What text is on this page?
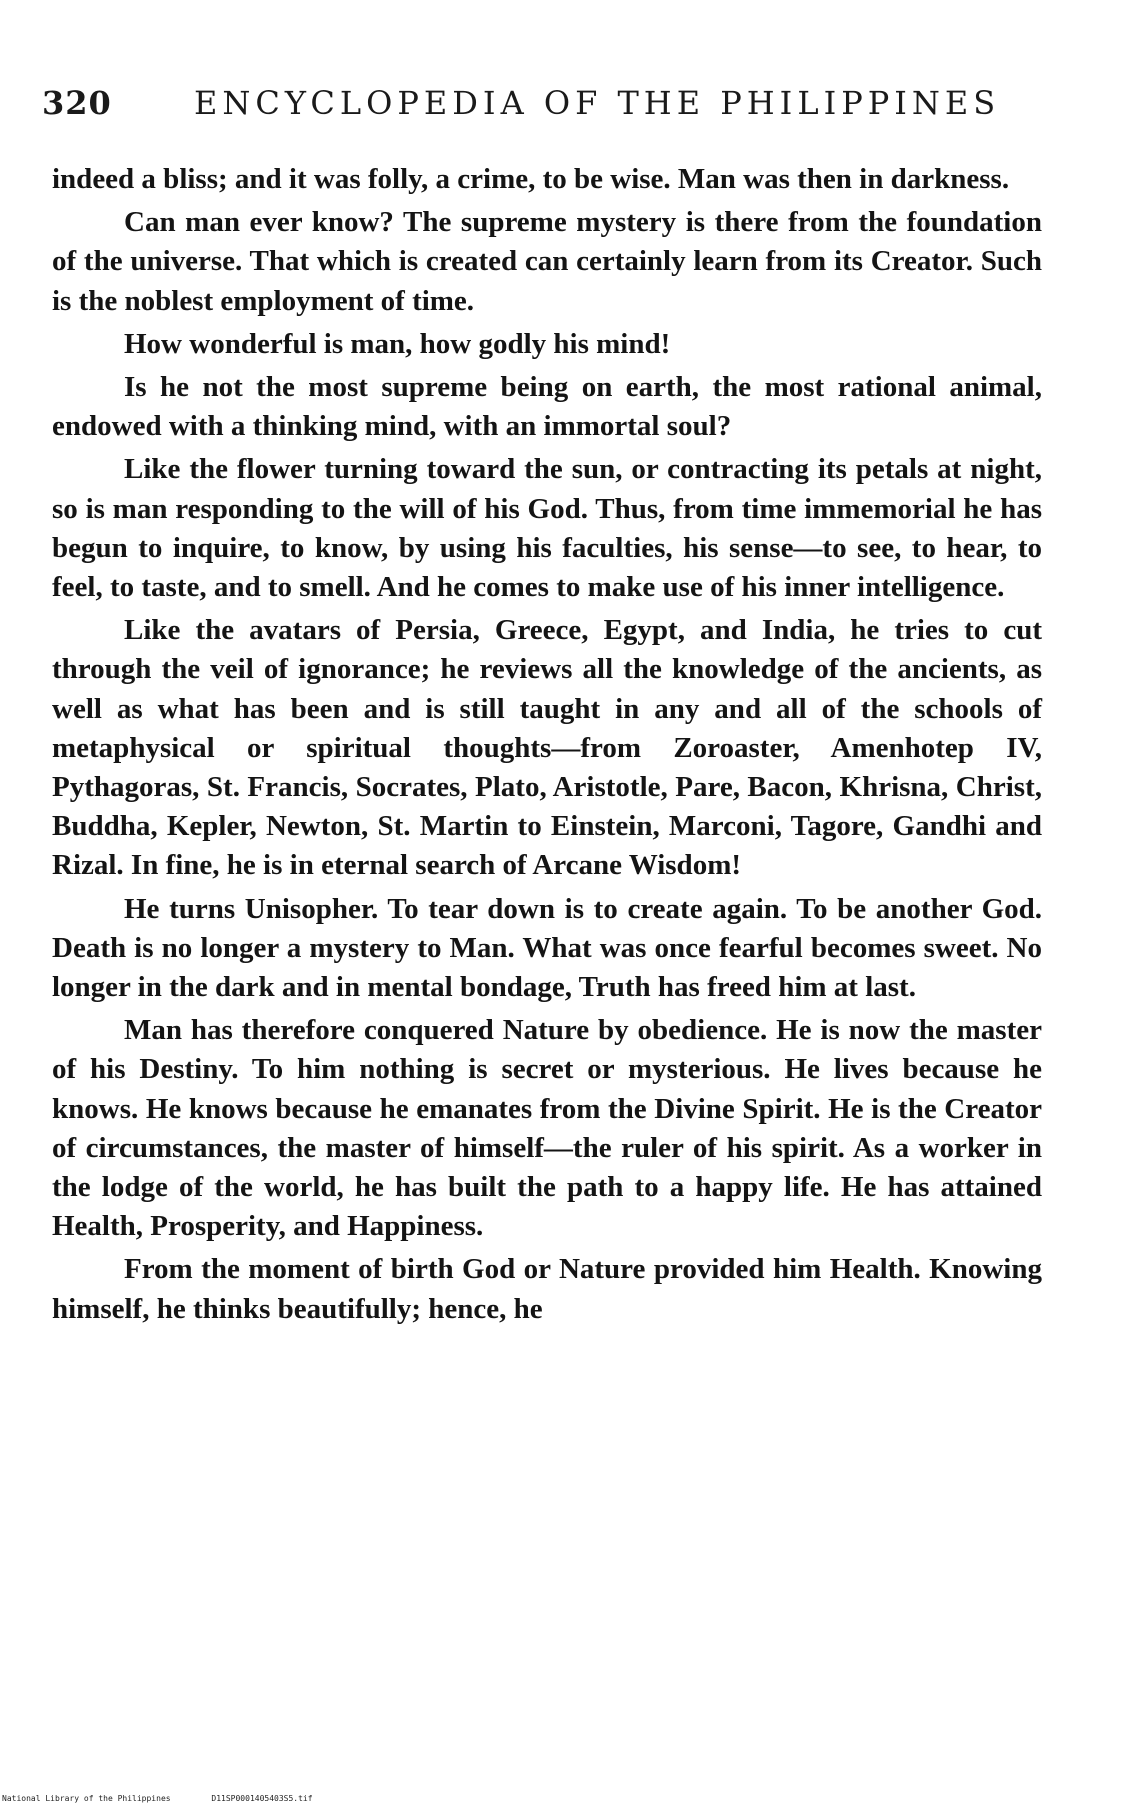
320	ENCYCLOPEDIA OF THE PHILIPPINES

indeed a bliss; and it was folly, a crime, to be wise. Man was then in darkness.

Can man ever know? The supreme mystery is there from the foundation of the universe. That which is created can certainly learn from its Creator. Such is the noblest employment of time.

How wonderful is man, how godly his mind!

Is he not the most supreme being on earth, the most rational animal, endowed with a thinking mind, with an immortal soul?

Like the flower turning toward the sun, or contracting its petals at night, so is man responding to the will of his God. Thus, from time immemorial he has begun to inquire, to know, by using his faculties, his sense—to see, to hear, to feel, to taste, and to smell. And he comes to make use of his inner intelligence.

Like the avatars of Persia, Greece, Egypt, and India, he tries to cut through the veil of ignorance; he reviews all the knowledge of the ancients, as well as what has been and is still taught in any and all of the schools of metaphysical or spiritual thoughts—from Zoroaster, Amenhotep IV, Pythagoras, St. Francis, Socrates, Plato, Aristotle, Pare, Bacon, Khrisna, Christ, Buddha, Kepler, Newton, St. Martin to Einstein, Marconi, Tagore, Gandhi and Rizal. In fine, he is in eternal search of Arcane Wisdom!

He turns Unisopher. To tear down is to create again. To be another God. Death is no longer a mystery to Man. What was once fearful becomes sweet. No longer in the dark and in mental bondage, Truth has freed him at last.

Man has therefore conquered Nature by obedience. He is now the master of his Destiny. To him nothing is secret or mysterious. He lives because he knows. He knows because he emanates from the Divine Spirit. He is the Creator of circumstances, the master of himself—the ruler of his spirit. As a worker in the lodge of the world, he has built the path to a happy life. He has attained Health, Prosperity, and Happiness.

From the moment of birth God or Nature provided him Health. Knowing himself, he thinks beautifully; hence, he

National Library of the Philippines	D11SP0001405403S5.tif
